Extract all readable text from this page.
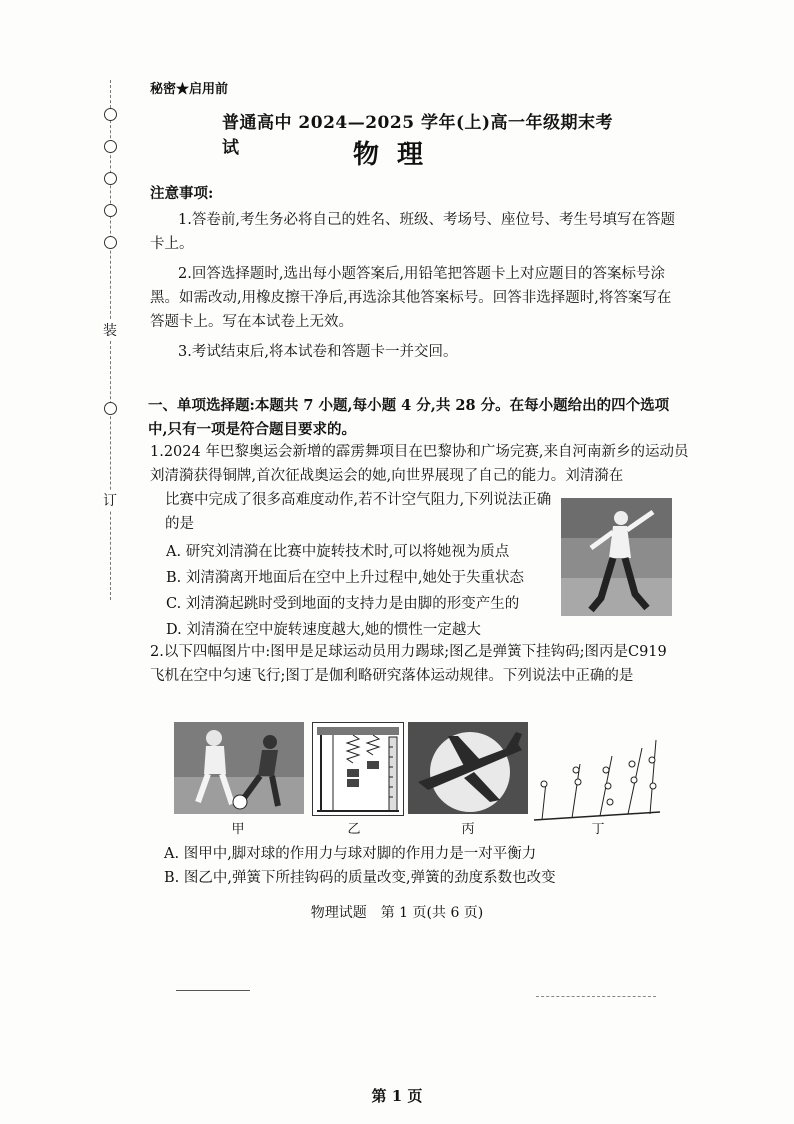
装
订
秘密★启用前
普通高中 2024—2025 学年(上)高一年级期末考试	物理
注意事项:
1.答卷前,考生务必将自己的姓名、班级、考场号、座位号、考生号填写在答题卡上。
2.回答选择题时,选出每小题答案后,用铅笔把答题卡上对应题目的答案标号涂黑。如需改动,用橡皮擦干净后,再选涂其他答案标号。回答非选择题时,将答案写在答题卡上。写在本试卷上无效。
3.考试结束后,将本试卷和答题卡一并交回。
一、单项选择题:本题共 7 小题,每小题 4 分,共 28 分。在每小题给出的四个选项中,只有一项是符合题目要求的。
1.2024 年巴黎奥运会新增的霹雳舞项目在巴黎协和广场完赛,来自河南新乡的运动员刘清漪获得铜牌,首次征战奥运会的她,向世界展现了自己的能力。刘清漪在
比赛中完成了很多高难度动作,若不计空气阻力,下列说法正确的是
A. 研究刘清漪在比赛中旋转技术时,可以将她视为质点
B. 刘清漪离开地面后在空中上升过程中,她处于失重状态
C. 刘清漪起跳时受到地面的支持力是由脚的形变产生的
D. 刘清漪在空中旋转速度越大,她的惯性一定越大
2.以下四幅图片中:图甲是足球运动员用力踢球;图乙是弹簧下挂钩码;图丙是C919 飞机在空中匀速飞行;图丁是伽利略研究落体运动规律。下列说法中正确的是
甲	乙	丙	丁
A. 图甲中,脚对球的作用力与球对脚的作用力是一对平衡力
B. 图乙中,弹簧下所挂钩码的质量改变,弹簧的劲度系数也改变
物理试题　第 1 页(共 6 页)
第 1 页
